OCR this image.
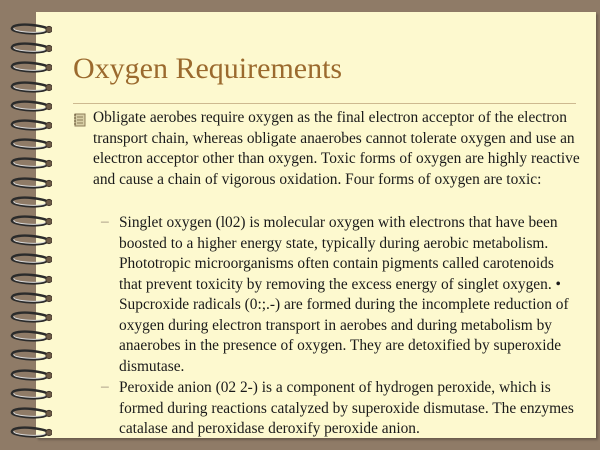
Oxygen Requirements
Obligate aerobes require oxygen as the final electron acceptor of the electron transport chain, whereas obligate anaerobes cannot tolerate oxygen and use an electron acceptor other than oxygen. Toxic forms of oxygen are highly reactive and cause a chain of vigorous oxidation. Four forms of oxygen are toxic:
– Singlet oxygen (l02) is molecular oxygen with electrons that have been boosted to a higher energy state, typically during aerobic metabolism. Phototropic microorganisms often contain pigments called carotenoids that prevent toxicity by removing the excess energy of singlet oxygen. • Supcroxide radicals (0:;.-) are formed during the incomplete reduction of oxygen during electron transport in aerobes and during metabolism by anaerobes in the presence of oxygen. They are detoxified by superoxide dismutase.
– Peroxide anion (02 2-) is a component of hydrogen peroxide, which is formed during reactions catalyzed by superoxide dismutase. The enzymes catalase and peroxidase deroxify peroxide anion.
